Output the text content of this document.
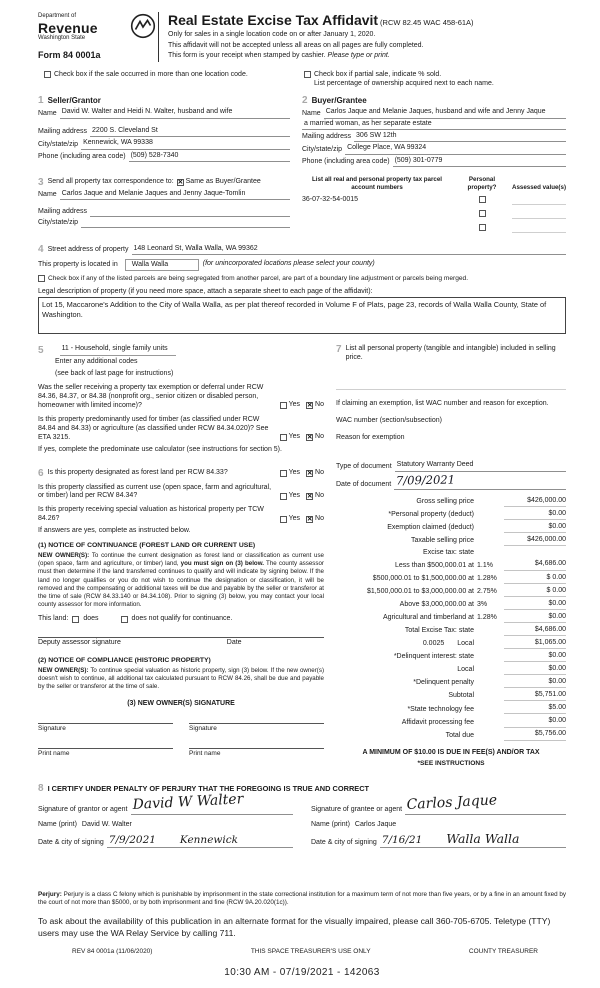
Department of
Revenue
Washington State
Form 84 0001a
Real Estate Excise Tax Affidavit (RCW 82.45 WAC 458-61A)
Only for sales in a single location code on or after January 1, 2020.
This affidavit will not be accepted unless all areas on all pages are fully completed.
This form is your receipt when stamped by cashier. Please type or print.
Check box if the sale occurred in more than one location code.	Check box if partial sale, indicate % sold.
List percentage of ownership acquired next to each name.
1 Seller/Grantor
Name David W. Walter and Heidi N. Walter, husband and wife
Mailing address 2200 S. Cleveland St
City/state/zip Kennewick, WA 99338
Phone (including area code) (509) 528-7340
2 Buyer/Grantee
Name Carlos Jaque and Melanie Jaques, husband and wife and Jenny Jaque
a married woman, as her separate estate
Mailing address 306 SW 12th
City/state/zip College Place, WA 99324
Phone (including area code) (509) 301-0779
3 Send all property tax correspondence to: ✕ Same as Buyer/Grantee
Name Carlos Jaque and Melanie Jaques and Jenny Jaque-Tomlin
Mailing address
City/state/zip
List all real and personal property tax parcel account numbers
Personal property?	Assessed value(s)
36-07-32-54-0015
4 Street address of property 148 Leonard St, Walla Walla, WA 99362
This property is located in	Walla Walla	(for unincorporated locations please select your county)
Check box if any of the listed parcels are being segregated from another parcel, are part of a boundary line adjustment or parcels being merged.
Legal description of property (if you need more space, attach a separate sheet to each page of the affidavit):
Lot 15, Maccarone's Addition to the City of Walla Walla, as per plat thereof recorded in Volume F of Plats, page 23, records of Walla Walla County, State of Washington.
5	11 - Household, single family units
Enter any additional codes
(see back of last page for instructions)
Was the seller receiving a property tax exemption or deferral under RCW 84.36, 84.37, or 84.38 (nonprofit org., senior citizen or disabled person, homeowner with limited income)?	Yes ✕ No
Is this property predominantly used for timber (as classified under RCW 84.84 and 84.33) or agriculture (as classified under RCW 84.34.020)? See ETA 3215.	Yes ✕ No
If yes, complete the predominate use calculator (see instructions for section 5).
6 Is this property designated as forest land per RCW 84.33?	Yes ✕ No
Is this property classified as current use (open space, farm and agricultural, or timber) land per RCW 84.34?	Yes ✕ No
Is this property receiving special valuation as historical property per TCW 84.26?	Yes ✕ No
If answers are yes, complete as instructed below.
(1) NOTICE OF CONTINUANCE (FOREST LAND OR CURRENT USE)
NEW OWNER(S): To continue the current designation as forest land or classification as current use (open space, farm and agriculture, or timber) land, you must sign on (3) below. The county assessor must then determine if the land transferred continues to qualify and will indicate by signing below. If the land no longer qualifies or you do not wish to continue the designation or classification, it will be removed and the compensating or additional taxes will be due and payable by the seller or transferor at the time of sale (RCW 84.33.140 or 84.34.108). Prior to signing (3) below, you may contact your local county assessor for more information.
This land: does	does not qualify for continuance.
Deputy assessor signature	Date
(2) NOTICE OF COMPLIANCE (HISTORIC PROPERTY)
NEW OWNER(S): To continue special valuation as historic property, sign (3) below. If the new owner(s) doesn't wish to continue, all additional tax calculated pursuant to RCW 84.26, shall be due and payable by the seller or transferor at the time of sale.
(3) NEW OWNER(S) SIGNATURE
Signature	Signature
Print name	Print name
7 List all personal property (tangible and intangible) included in selling price.
If claiming an exemption, list WAC number and reason for exception.
WAC number (section/subsection)
Reason for exemption
Type of document Statutory Warranty Deed
Date of document 7/09/2021
Gross selling price	$426,000.00
*Personal property (deduct)	$0.00
Exemption claimed (deduct)	$0.00
Taxable selling price	$426,000.00
Excise tax: state
Less than $500,000.01 at 1.1%	$4,686.00
$500,000.01 to $1,500,000.00 at 1.28%	$ 0.00
$1,500,000.01 to $3,000,000.00 at 2.75%	$ 0.00
Above $3,000,000.00 at 3%	$0.00
Agricultural and timberland at 1.28%	$0.00
Total Excise Tax: state	$4,686.00
0.0025 Local	$1,065.00
*Delinquent interest: state	$0.00
Local	$0.00
*Delinquent penalty	$0.00
Subtotal	$5,751.00
*State technology fee	$5.00
Affidavit processing fee	$0.00
Total due	$5,756.00
A MINIMUM OF $10.00 IS DUE IN FEE(S) AND/OR TAX
*SEE INSTRUCTIONS
8 I CERTIFY UNDER PENALTY OF PERJURY THAT THE FOREGOING IS TRUE AND CORRECT
Signature of grantor or agent David W Walter
Name (print) David W. Walter
Date & city of signing 7/9/2021 Kennewick
Signature of grantee or agent Carlos Jaque
Name (print) Carlos Jaque
Date & city of signing 7/16/21 Walla Walla
Perjury: Perjury is a class C felony which is punishable by imprisonment in the state correctional institution for a maximum term of not more than five years, or by a fine in an amount fixed by the court of not more than $5000, or by both imprisonment and fine (RCW 9A.20.020(1c)).
To ask about the availability of this publication in an alternate format for the visually impaired, please call 360-705-6705. Teletype (TTY) users may use the WA Relay Service by calling 711.
REV 84 0001a (11/06/2020)	THIS SPACE TREASURER'S USE ONLY	COUNTY TREASURER
10:30 AM - 07/19/2021 - 142063
